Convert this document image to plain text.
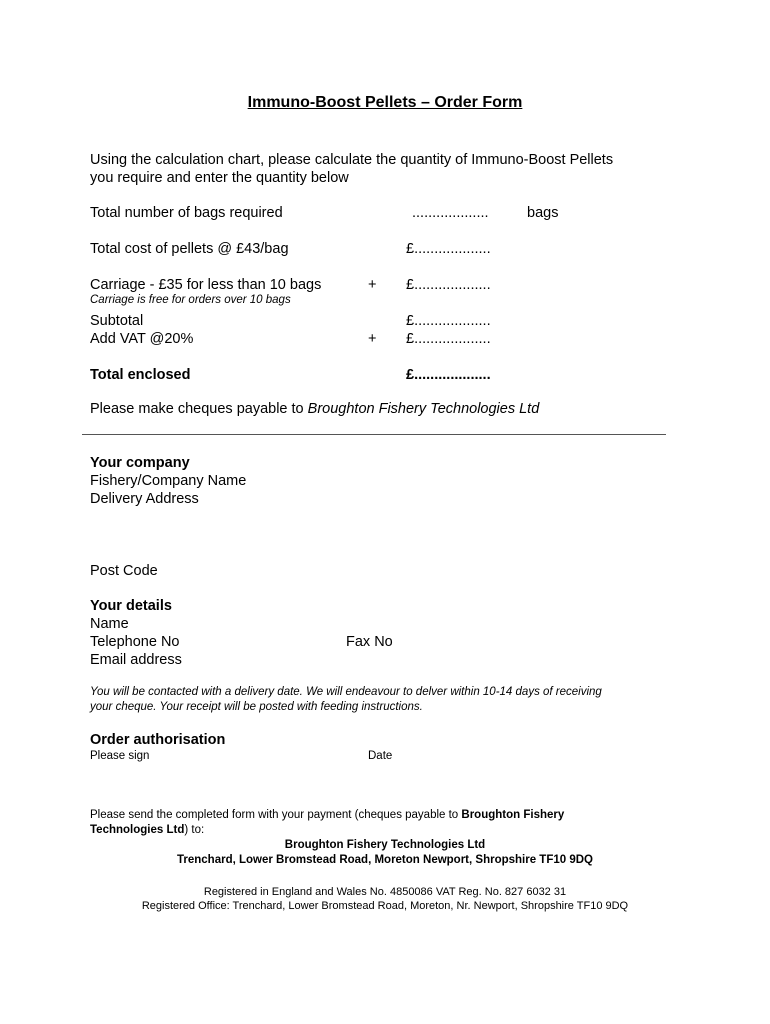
Immuno-Boost Pellets – Order Form

Using the calculation chart, please calculate the quantity of Immuno-Boost Pellets

you require and enter the quantity below

Total number of bags required	...................	bags
Total cost of pellets @ £43/bag	£...................
Carriage - £35 for less than 10 bags	+ £...................
Carriage is free for orders over 10 bags
Subtotal	£...................
Add VAT @20%	+ £...................
Total enclosed	£...................

Please make cheques payable to Broughton Fishery Technologies Ltd

Your company
Fishery/Company Name
Delivery Address
Post Code
Your details
Name
Telephone No	Fax No
Email address
You will be contacted with a delivery date. We will endeavour to delver within 10-14 days of receiving
your cheque. Your receipt will be posted with feeding instructions.
Order authorisation
Please sign	Date

Please send the completed form with your payment (cheques payable to Broughton Fishery

Technologies Ltd) to:

Broughton Fishery Technologies Ltd

Trenchard, Lower Bromstead Road, Moreton Newport, Shropshire TF10 9DQ

Registered in England and Wales No. 4850086 VAT Reg. No. 827 6032 31

Registered Office: Trenchard, Lower Bromstead Road, Moreton, Nr. Newport, Shropshire TF10 9DQ
